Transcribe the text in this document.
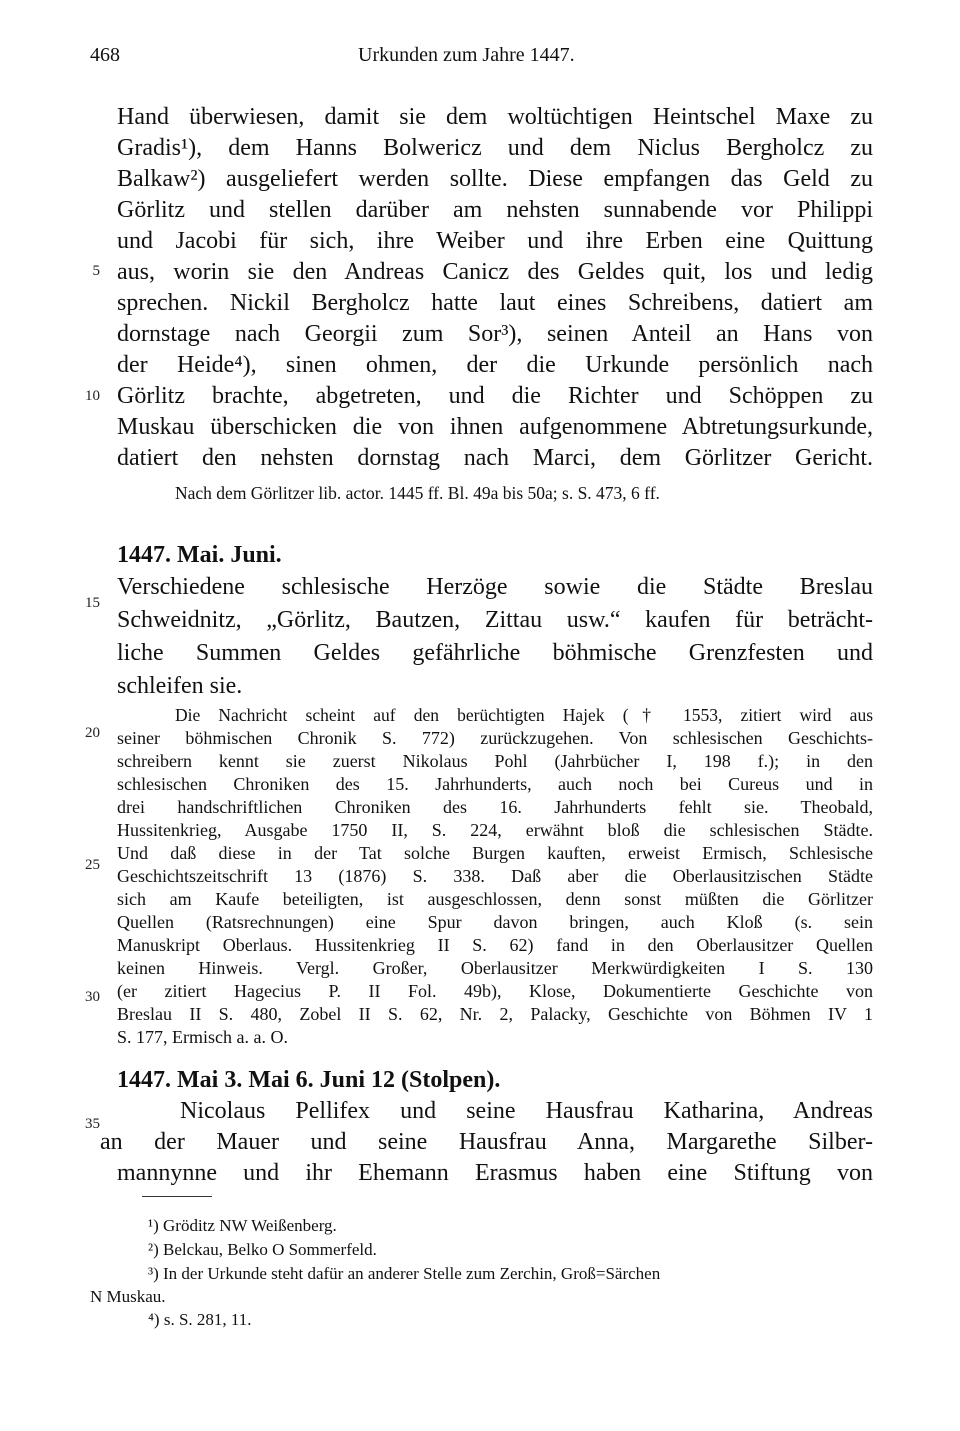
468	Urkunden zum Jahre 1447.
5
10
15
20
25
30
35
Hand überwiesen, damit sie dem woltüchtigen Heintschel Maxe zu
Gradis¹), dem Hanns Bolwericz und dem Niclus Bergholcz zu
Balkaw²) ausgeliefert werden sollte. Diese empfangen das Geld zu
Görlitz und stellen darüber am nehsten sunnabende vor Philippi
und Jacobi für sich, ihre Weiber und ihre Erben eine Quittung
aus, worin sie den Andreas Canicz des Geldes quit, los und ledig
sprechen. Nickil Bergholcz hatte laut eines Schreibens, datiert am
dornstage nach Georgii zum Sor³), seinen Anteil an Hans von
der Heide⁴), sinen ohmen, der die Urkunde persönlich nach
Görlitz brachte, abgetreten, und die Richter und Schöppen zu
Muskau überschicken die von ihnen aufgenommene Abtretungsurkunde,
datiert den nehsten dornstag nach Marci, dem Görlitzer Gericht.
Nach dem Görlitzer lib. actor. 1445 ff. Bl. 49a bis 50a; s. S. 473, 6 ff.
1447. Mai. Juni.
Verschiedene schlesische Herzöge sowie die Städte Breslau
Schweidnitz, „Görlitz, Bautzen, Zittau usw.“ kaufen für beträcht-
liche Summen Geldes gefährliche böhmische Grenzfesten und
schleifen sie.
Die Nachricht scheint auf den berüchtigten Hajek († 1553, zitiert wird aus
seiner böhmischen Chronik S. 772) zurückzugehen. Von schlesischen Geschichts-
schreibern kennt sie zuerst Nikolaus Pohl (Jahrbücher I, 198 f.); in den
schlesischen Chroniken des 15. Jahrhunderts, auch noch bei Cureus und in
drei handschriftlichen Chroniken des 16. Jahrhunderts fehlt sie. Theobald,
Hussitenkrieg, Ausgabe 1750 II, S. 224, erwähnt bloß die schlesischen Städte.
Und daß diese in der Tat solche Burgen kauften, erweist Ermisch, Schlesische
Geschichtszeitschrift 13 (1876) S. 338. Daß aber die Oberlausitzischen Städte
sich am Kaufe beteiligten, ist ausgeschlossen, denn sonst müßten die Görlitzer
Quellen (Ratsrechnungen) eine Spur davon bringen, auch Kloß (s. sein
Manuskript Oberlaus. Hussitenkrieg II S. 62) fand in den Oberlausitzer Quellen
keinen Hinweis. Vergl. Großer, Oberlausitzer Merkwürdigkeiten I S. 130
(er zitiert Hagecius P. II Fol. 49b), Klose, Dokumentierte Geschichte von
Breslau II S. 480, Zobel II S. 62, Nr. 2, Palacky, Geschichte von Böhmen IV 1
S. 177, Ermisch a. a. O.
1447. Mai 3. Mai 6. Juni 12 (Stolpen).
Nicolaus Pellifex und seine Hausfrau Katharina, Andreas
an der Mauer und seine Hausfrau Anna, Margarethe Silber-
mannynne und ihr Ehemann Erasmus haben eine Stiftung von
¹) Gröditz NW Weißenberg.
²) Belckau, Belko O Sommerfeld.
³) In der Urkunde steht dafür an anderer Stelle zum Zerchin, Groß=Särchen
N Muskau.
⁴) s. S. 281, 11.
